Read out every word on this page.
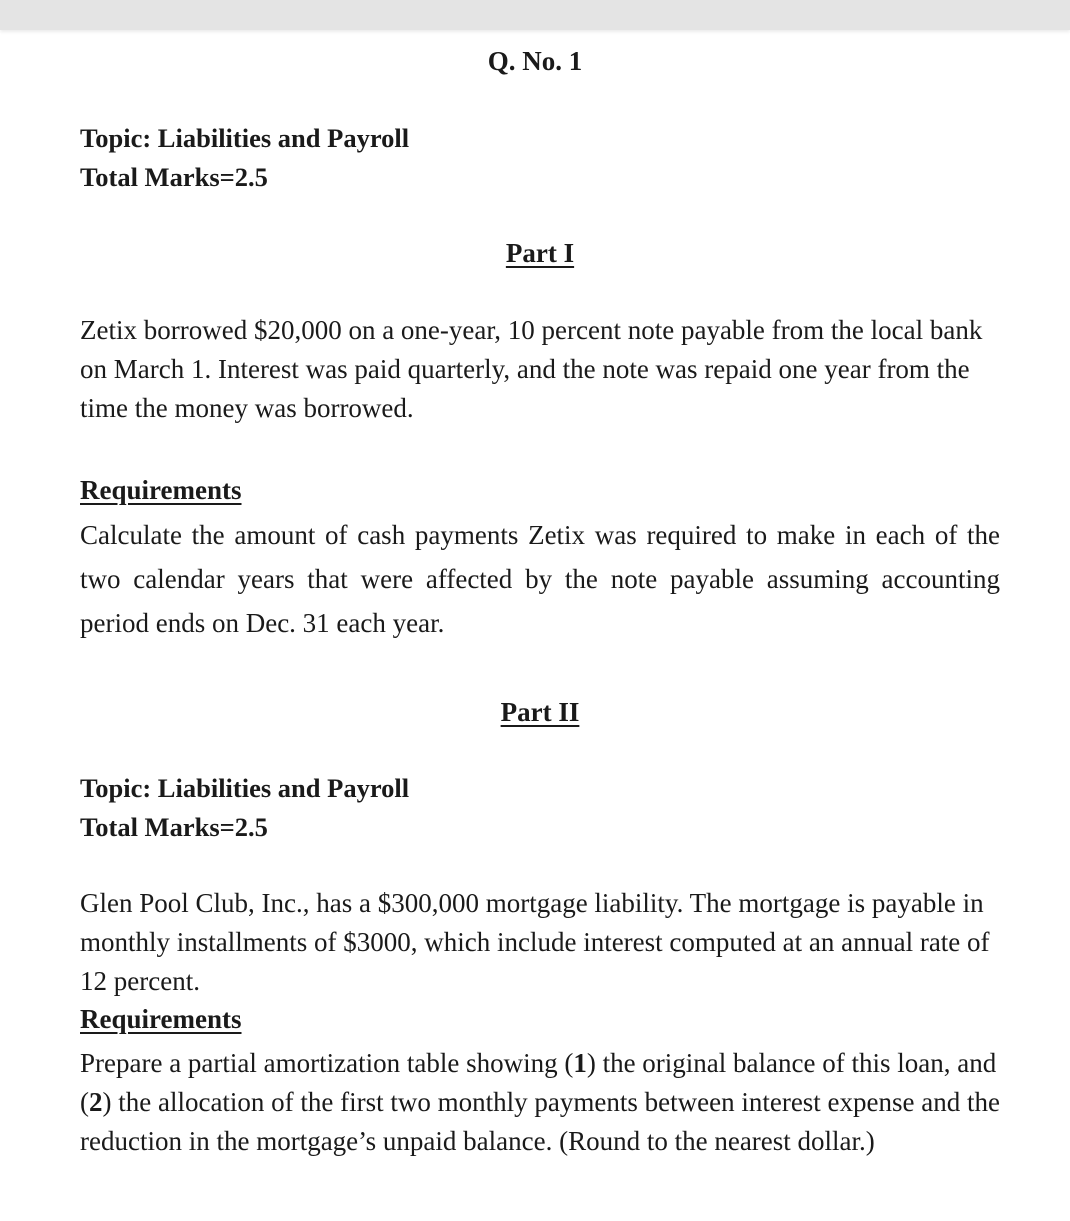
Q. No. 1
Topic: Liabilities and Payroll
Total Marks=2.5
Part I

Zetix borrowed $20,000 on a one-year, 10 percent note payable from the local bank on March 1. Interest was paid quarterly, and the note was repaid one year from the time the money was borrowed.

Requirements

Calculate the amount of cash payments Zetix was required to make in each of the two calendar years that were affected by the note payable assuming accounting period ends on Dec. 31 each year.

Part II
Topic: Liabilities and Payroll
Total Marks=2.5

Glen Pool Club, Inc., has a $300,000 mortgage liability. The mortgage is payable in monthly installments of $3000, which include interest computed at an annual rate of 12 percent.

Requirements

Prepare a partial amortization table showing (1) the original balance of this loan, and (2) the allocation of the first two monthly payments between interest expense and the reduction in the mortgage’s unpaid balance. (Round to the nearest dollar.)
